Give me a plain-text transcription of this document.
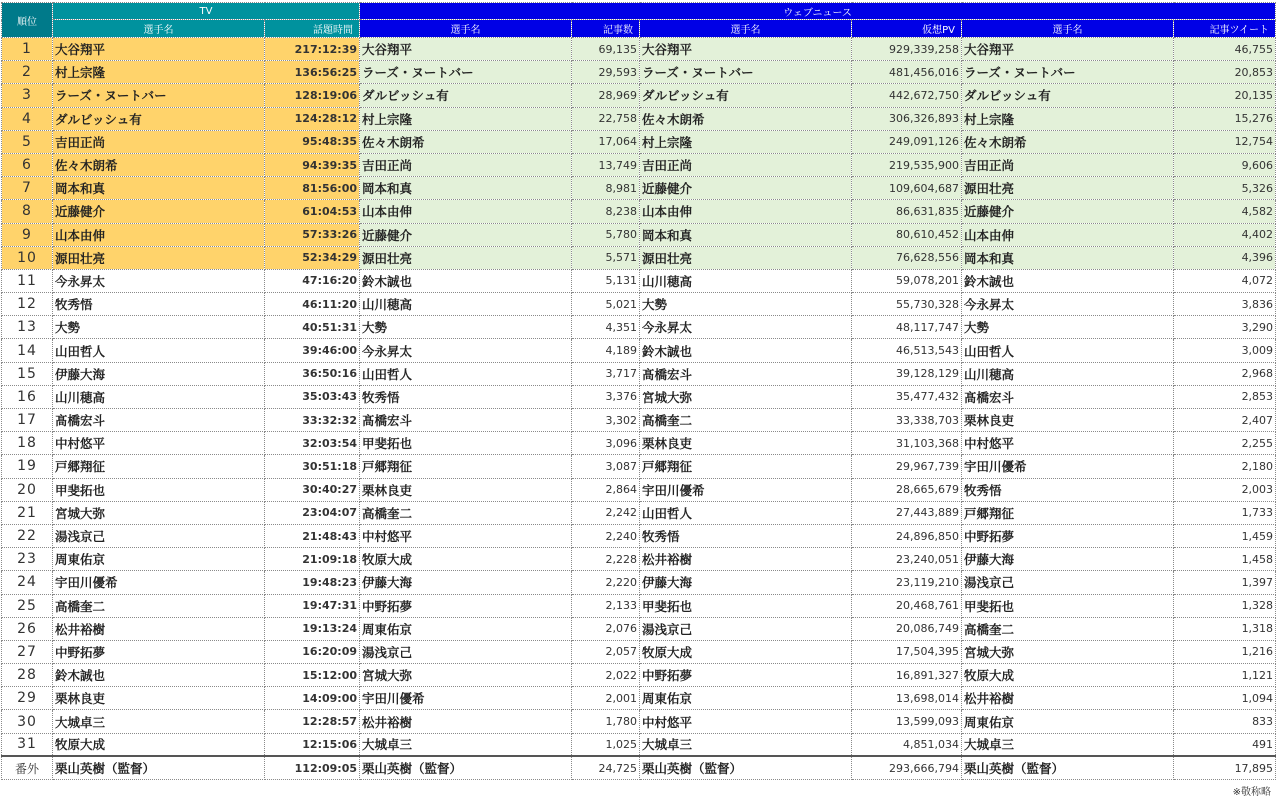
順位	TV		ウェブニュース					
	選手名	話題時間	選手名	記事数	選手名	仮想PV	選手名	記事ツイート
1	大谷翔平	217:12:39	大谷翔平	69,135	大谷翔平	929,339,258	大谷翔平	46,755
2	村上宗隆	136:56:25	ラーズ・ヌートバー	29,593	ラーズ・ヌートバー	481,456,016	ラーズ・ヌートバー	20,853
3	ラーズ・ヌートバー	128:19:06	ダルビッシュ有	28,969	ダルビッシュ有	442,672,750	ダルビッシュ有	20,135
4	ダルビッシュ有	124:28:12	村上宗隆	22,758	佐々木朗希	306,326,893	村上宗隆	15,276
5	吉田正尚	95:48:35	佐々木朗希	17,064	村上宗隆	249,091,126	佐々木朗希	12,754
6	佐々木朗希	94:39:35	吉田正尚	13,749	吉田正尚	219,535,900	吉田正尚	9,606
7	岡本和真	81:56:00	岡本和真	8,981	近藤健介	109,604,687	源田壮亮	5,326
8	近藤健介	61:04:53	山本由伸	8,238	山本由伸	86,631,835	近藤健介	4,582
9	山本由伸	57:33:26	近藤健介	5,780	岡本和真	80,610,452	山本由伸	4,402
10	源田壮亮	52:34:29	源田壮亮	5,571	源田壮亮	76,628,556	岡本和真	4,396
11	今永昇太	47:16:20	鈴木誠也	5,131	山川穂高	59,078,201	鈴木誠也	4,072
12	牧秀悟	46:11:20	山川穂高	5,021	大勢	55,730,328	今永昇太	3,836
13	大勢	40:51:31	大勢	4,351	今永昇太	48,117,747	大勢	3,290
14	山田哲人	39:46:00	今永昇太	4,189	鈴木誠也	46,513,543	山田哲人	3,009
15	伊藤大海	36:50:16	山田哲人	3,717	髙橋宏斗	39,128,129	山川穂高	2,968
16	山川穂高	35:03:43	牧秀悟	3,376	宮城大弥	35,477,432	髙橋宏斗	2,853
17	髙橋宏斗	33:32:32	髙橋宏斗	3,302	高橋奎二	33,338,703	栗林良吏	2,407
18	中村悠平	32:03:54	甲斐拓也	3,096	栗林良吏	31,103,368	中村悠平	2,255
19	戸郷翔征	30:51:18	戸郷翔征	3,087	戸郷翔征	29,967,739	宇田川優希	2,180
20	甲斐拓也	30:40:27	栗林良吏	2,864	宇田川優希	28,665,679	牧秀悟	2,003
21	宮城大弥	23:04:07	高橋奎二	2,242	山田哲人	27,443,889	戸郷翔征	1,733
22	湯浅京己	21:48:43	中村悠平	2,240	牧秀悟	24,896,850	中野拓夢	1,459
23	周東佑京	21:09:18	牧原大成	2,228	松井裕樹	23,240,051	伊藤大海	1,458
24	宇田川優希	19:48:23	伊藤大海	2,220	伊藤大海	23,119,210	湯浅京己	1,397
25	高橋奎二	19:47:31	中野拓夢	2,133	甲斐拓也	20,468,761	甲斐拓也	1,328
26	松井裕樹	19:13:24	周東佑京	2,076	湯浅京己	20,086,749	高橋奎二	1,318
27	中野拓夢	16:20:09	湯浅京己	2,057	牧原大成	17,504,395	宮城大弥	1,216
28	鈴木誠也	15:12:00	宮城大弥	2,022	中野拓夢	16,891,327	牧原大成	1,121
29	栗林良吏	14:09:00	宇田川優希	2,001	周東佑京	13,698,014	松井裕樹	1,094
30	大城卓三	12:28:57	松井裕樹	1,780	中村悠平	13,599,093	周東佑京	833
31	牧原大成	12:15:06	大城卓三	1,025	大城卓三	4,851,034	大城卓三	491
番外	栗山英樹（監督）	112:09:05	栗山英樹（監督）	24,725	栗山英樹（監督）	293,666,794	栗山英樹（監督）	17,895
※敬称略
